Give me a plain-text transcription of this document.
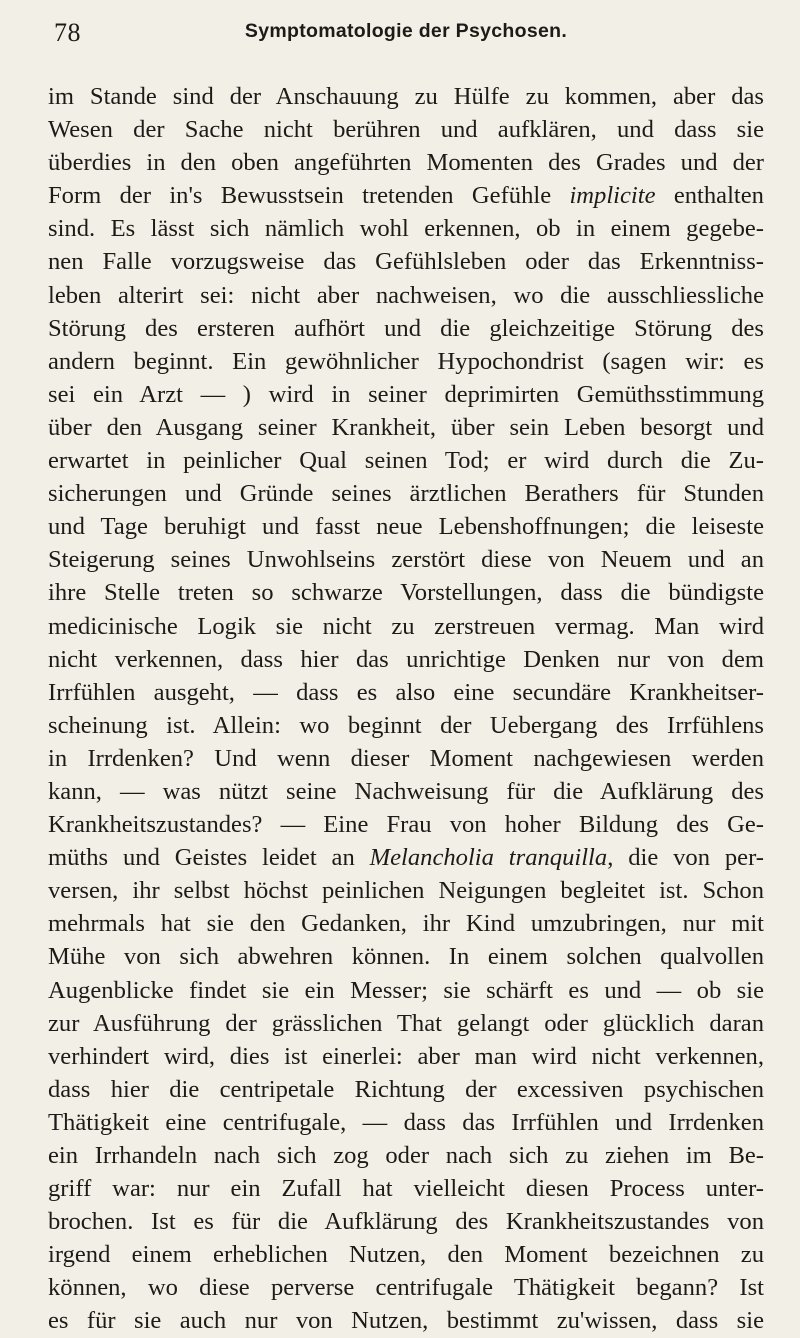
78	Symptomatologie der Psychosen.
im Stande sind der Anschauung zu Hülfe zu kommen, aber das
Wesen der Sache nicht berühren und aufklären, und dass sie
überdies in den oben angeführten Momenten des Grades und der
Form der in's Bewusstsein tretenden Gefühle implicite enthalten
sind. Es lässt sich nämlich wohl erkennen, ob in einem gegebe-
nen Falle vorzugsweise das Gefühlsleben oder das Erkenntniss-
leben alterirt sei: nicht aber nachweisen, wo die ausschliessliche
Störung des ersteren aufhört und die gleichzeitige Störung des
andern beginnt. Ein gewöhnlicher Hypochondrist (sagen wir: es
sei ein Arzt — ) wird in seiner deprimirten Gemüthsstimmung
über den Ausgang seiner Krankheit, über sein Leben besorgt und
erwartet in peinlicher Qual seinen Tod; er wird durch die Zu-
sicherungen und Gründe seines ärztlichen Berathers für Stunden
und Tage beruhigt und fasst neue Lebenshoffnungen; die leiseste
Steigerung seines Unwohlseins zerstört diese von Neuem und an
ihre Stelle treten so schwarze Vorstellungen, dass die bündigste
medicinische Logik sie nicht zu zerstreuen vermag. Man wird
nicht verkennen, dass hier das unrichtige Denken nur von dem
Irrfühlen ausgeht, — dass es also eine secundäre Krankheitser-
scheinung ist. Allein: wo beginnt der Uebergang des Irrfühlens
in Irrdenken? Und wenn dieser Moment nachgewiesen werden
kann, — was nützt seine Nachweisung für die Aufklärung des
Krankheitszustandes? — Eine Frau von hoher Bildung des Ge-
müths und Geistes leidet an Melancholia tranquilla, die von per-
versen, ihr selbst höchst peinlichen Neigungen begleitet ist. Schon
mehrmals hat sie den Gedanken, ihr Kind umzubringen, nur mit
Mühe von sich abwehren können. In einem solchen qualvollen
Augenblicke findet sie ein Messer; sie schärft es und — ob sie
zur Ausführung der grässlichen That gelangt oder glücklich daran
verhindert wird, dies ist einerlei: aber man wird nicht verkennen,
dass hier die centripetale Richtung der excessiven psychischen
Thätigkeit eine centrifugale, — dass das Irrfühlen und Irrdenken
ein Irrhandeln nach sich zog oder nach sich zu ziehen im Be-
griff war: nur ein Zufall hat vielleicht diesen Process unter-
brochen. Ist es für die Aufklärung des Krankheitszustandes von
irgend einem erheblichen Nutzen, den Moment bezeichnen zu
können, wo diese perverse centrifugale Thätigkeit begann? Ist
es für sie auch nur von Nutzen, bestimmt zu'wissen, dass sie
